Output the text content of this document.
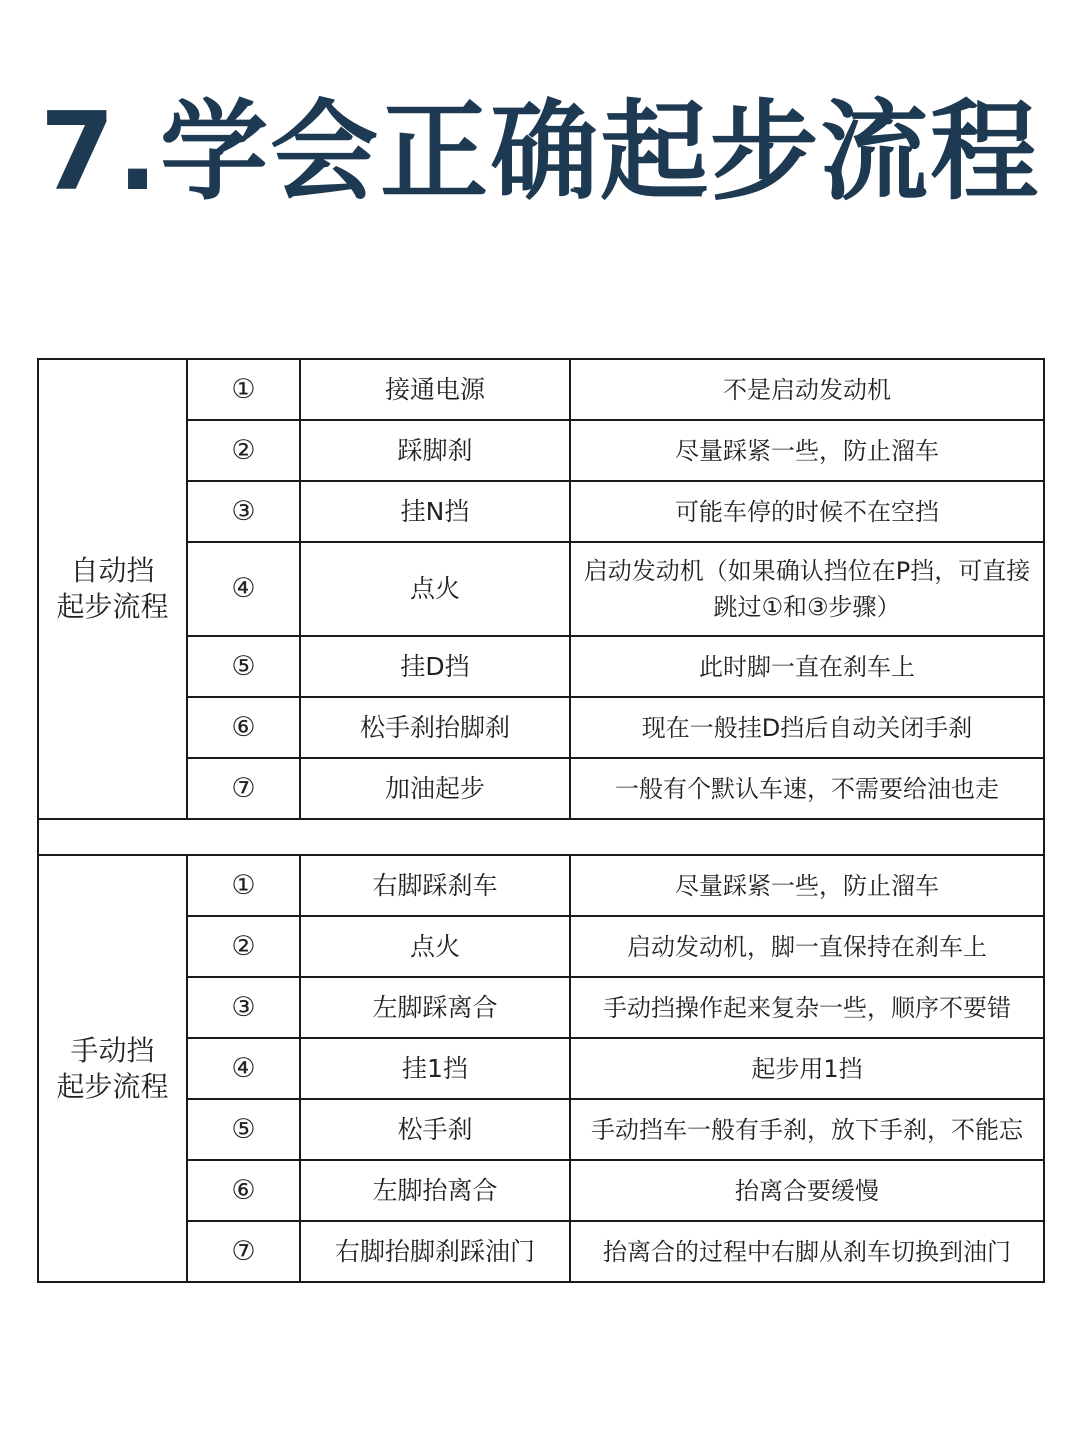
7.学会正确起步流程
自动挡
起步流程	①	接通电源	不是启动发动机
	②	踩脚刹	尽量踩紧一些，防止溜车
	③	挂N挡	可能车停的时候不在空挡
	④	点火	启动发动机（如果确认挡位在P挡，可直接跳过①和③步骤）
	⑤	挂D挡	此时脚一直在刹车上
	⑥	松手刹抬脚刹	现在一般挂D挡后自动关闭手刹
	⑦	加油起步	一般有个默认车速，不需要给油也走

手动挡
起步流程	①	右脚踩刹车	尽量踩紧一些，防止溜车
	②	点火	启动发动机，脚一直保持在刹车上
	③	左脚踩离合	手动挡操作起来复杂一些，顺序不要错
	④	挂1挡	起步用1挡
	⑤	松手刹	手动挡车一般有手刹，放下手刹，不能忘
	⑥	左脚抬离合	抬离合要缓慢
	⑦	右脚抬脚刹踩油门	抬离合的过程中右脚从刹车切换到油门
